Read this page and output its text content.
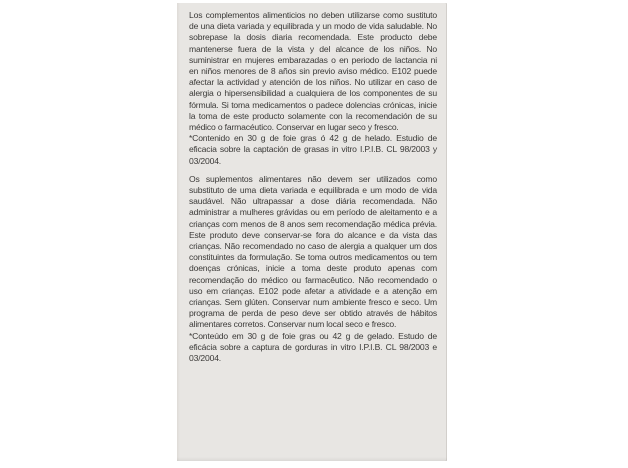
Los complementos alimenticios no deben utilizarse como sustituto de una dieta variada y equilibrada y un modo de vida saludable. No sobrepase la dosis diaria recomendada. Este producto debe mantenerse fuera de la vista y del alcance de los niños. No suministrar en mujeres embarazadas o en periodo de lactancia ni en niños menores de 8 años sin previo aviso médico. E102 puede afectar la actividad y atención de los niños. No utilizar en caso de alergia o hipersensibilidad a cualquiera de los componentes de su fórmula. Si toma medicamentos o padece dolencias crónicas, inicie la toma de este producto solamente con la recomendación de su médico o farmacéutico. Conservar en lugar seco y fresco.

*Contenido en 30 g de foie gras ó 42 g de helado. Estudio de eficacia sobre la captación de grasas in vitro I.P.I.B. CL 98/2003 y 03/2004.

Os suplementos alimentares não devem ser utilizados como substituto de uma dieta variada e equilibrada e um modo de vida saudável. Não ultrapassar a dose diária recomendada. Não administrar a mulheres grávidas ou em período de aleitamento e a crianças com menos de 8 anos sem recomendação médica prévia. Este produto deve conservar-se fora do alcance e da vista das crianças. Não recomendado no caso de alergia a qualquer um dos constituintes da formulação. Se toma outros medicamentos ou tem doenças crónicas, inicie a toma deste produto apenas com recomendação do médico ou farmacêutico. Não recomendado o uso em crianças. E102 pode afetar a atividade e a atenção em crianças. Sem glúten. Conservar num ambiente fresco e seco. Um programa de perda de peso deve ser obtido através de hábitos alimentares corretos. Conservar num local seco e fresco.

*Conteúdo em 30 g de foie gras ou 42 g de gelado. Estudo de eficácia sobre a captura de gorduras in vitro I.P.I.B. CL 98/2003 e 03/2004.
